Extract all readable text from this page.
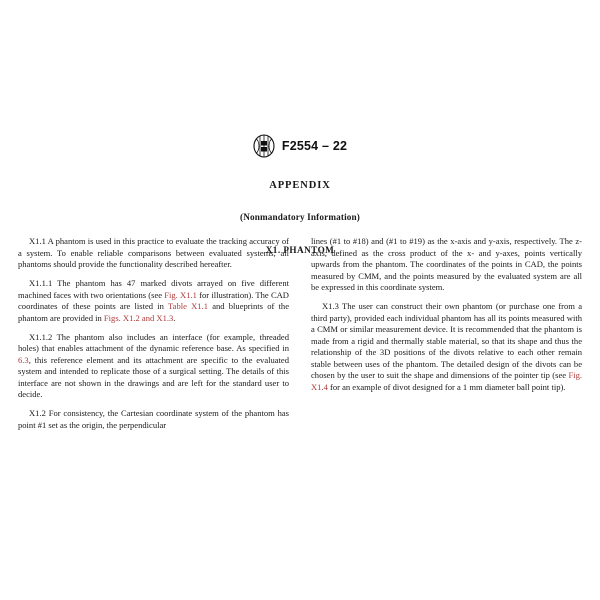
F2554 – 22
APPENDIX
(Nonmandatory Information)
X1. PHANTOM

X1.1 A phantom is used in this practice to evaluate the tracking accuracy of a system. To enable reliable comparisons between evaluated systems, all phantoms should provide the functionality described hereafter.

X1.1.1 The phantom has 47 marked divots arrayed on five different machined faces with two orientations (see Fig. X1.1 for illustration). The CAD coordinates of these points are listed in Table X1.1 and blueprints of the phantom are provided in Figs. X1.2 and X1.3.

X1.1.2 The phantom also includes an interface (for example, threaded holes) that enables attachment of the dynamic reference base. As specified in 6.3, this reference element and its attachment are specific to the evaluated system and intended to replicate those of a surgical setting. The details of this interface are not shown in the drawings and are left for the standard user to decide.

X1.2 For consistency, the Cartesian coordinate system of the phantom has point #1 set as the origin, the perpendicular

lines (#1 to #18) and (#1 to #19) as the x-axis and y-axis, respectively. The z-axis, defined as the cross product of the x- and y-axes, points vertically upwards from the phantom. The coordinates of the points in CAD, the points measured by CMM, and the points measured by the evaluated system are all be expressed in this coordinate system.

X1.3 The user can construct their own phantom (or purchase one from a third party), provided each individual phantom has all its points measured with a CMM or similar measurement device. It is recommended that the phantom is made from a rigid and thermally stable material, so that its shape and thus the relationship of the 3D positions of the divots relative to each other remain stable between uses of the phantom. The detailed design of the divots can be chosen by the user to suit the shape and dimensions of the pointer tip (see Fig. X1.4 for an example of divot designed for a 1 mm diameter ball point tip).
